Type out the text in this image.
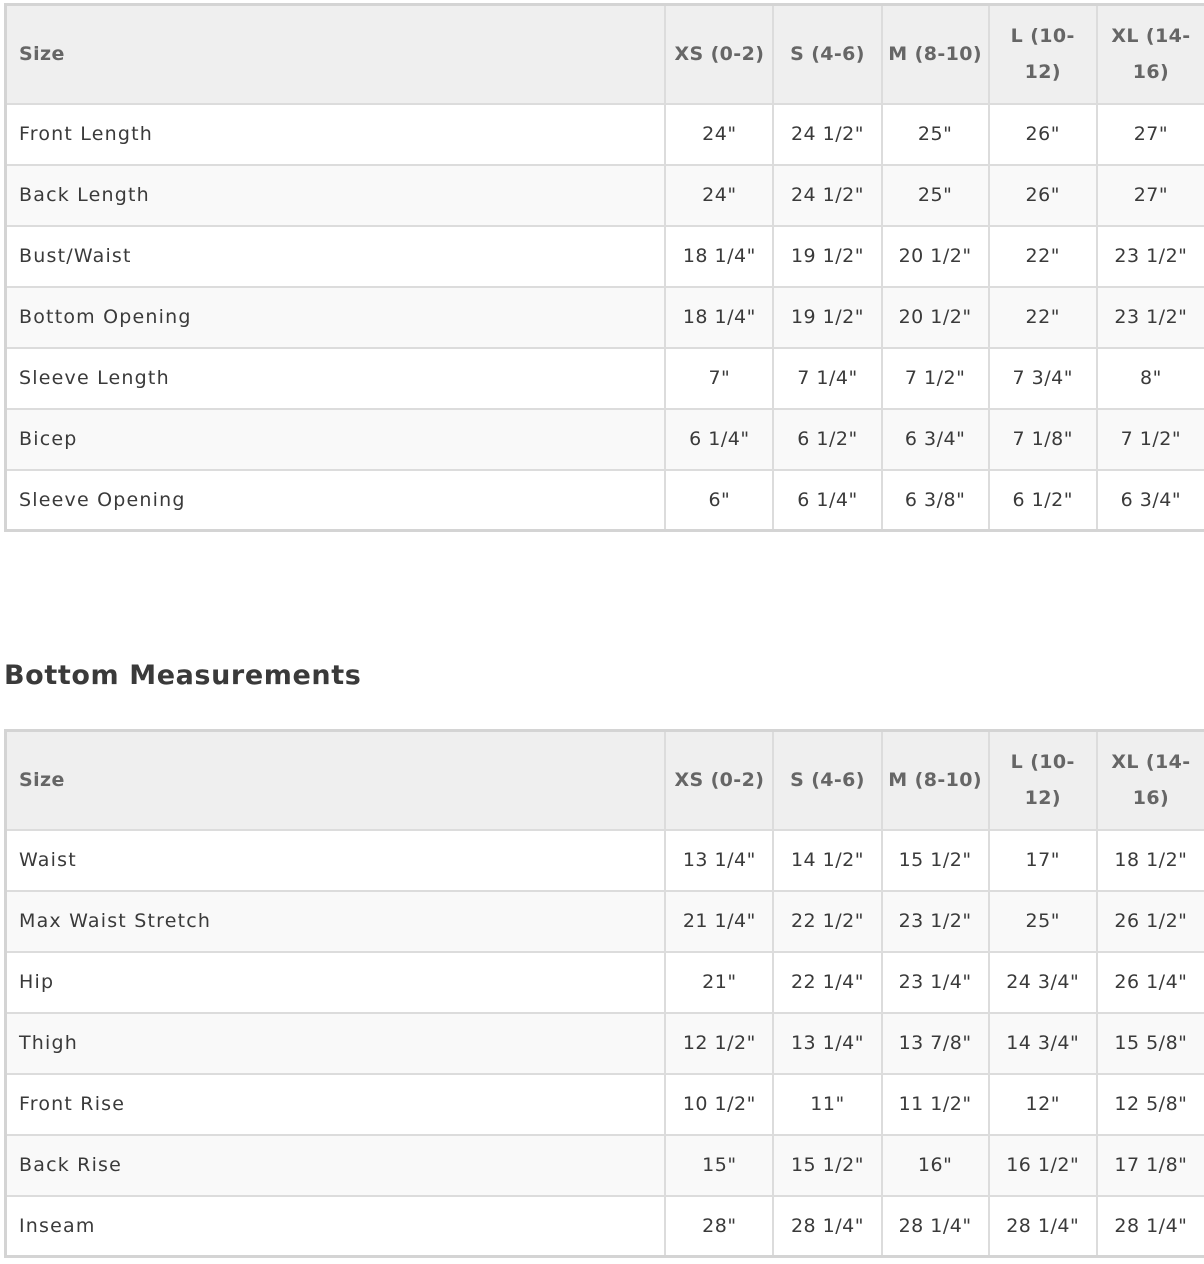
Size	XS (0-2)	S (4-6)	M (8-10)	L (10-12)	XL (14-16)
Front Length	24"	24 1/2"	25"	26"	27"
Back Length	24"	24 1/2"	25"	26"	27"
Bust/Waist	18 1/4"	19 1/2"	20 1/2"	22"	23 1/2"
Bottom Opening	18 1/4"	19 1/2"	20 1/2"	22"	23 1/2"
Sleeve Length	7"	7 1/4"	7 1/2"	7 3/4"	8"
Bicep	6 1/4"	6 1/2"	6 3/4"	7 1/8"	7 1/2"
Sleeve Opening	6"	6 1/4"	6 3/8"	6 1/2"	6 3/4"
Bottom Measurements
Size	XS (0-2)	S (4-6)	M (8-10)	L (10-12)	XL (14-16)
Waist	13 1/4"	14 1/2"	15 1/2"	17"	18 1/2"
Max Waist Stretch	21 1/4"	22 1/2"	23 1/2"	25"	26 1/2"
Hip	21"	22 1/4"	23 1/4"	24 3/4"	26 1/4"
Thigh	12 1/2"	13 1/4"	13 7/8"	14 3/4"	15 5/8"
Front Rise	10 1/2"	11"	11 1/2"	12"	12 5/8"
Back Rise	15"	15 1/2"	16"	16 1/2"	17 1/8"
Inseam	28"	28 1/4"	28 1/4"	28 1/4"	28 1/4"
